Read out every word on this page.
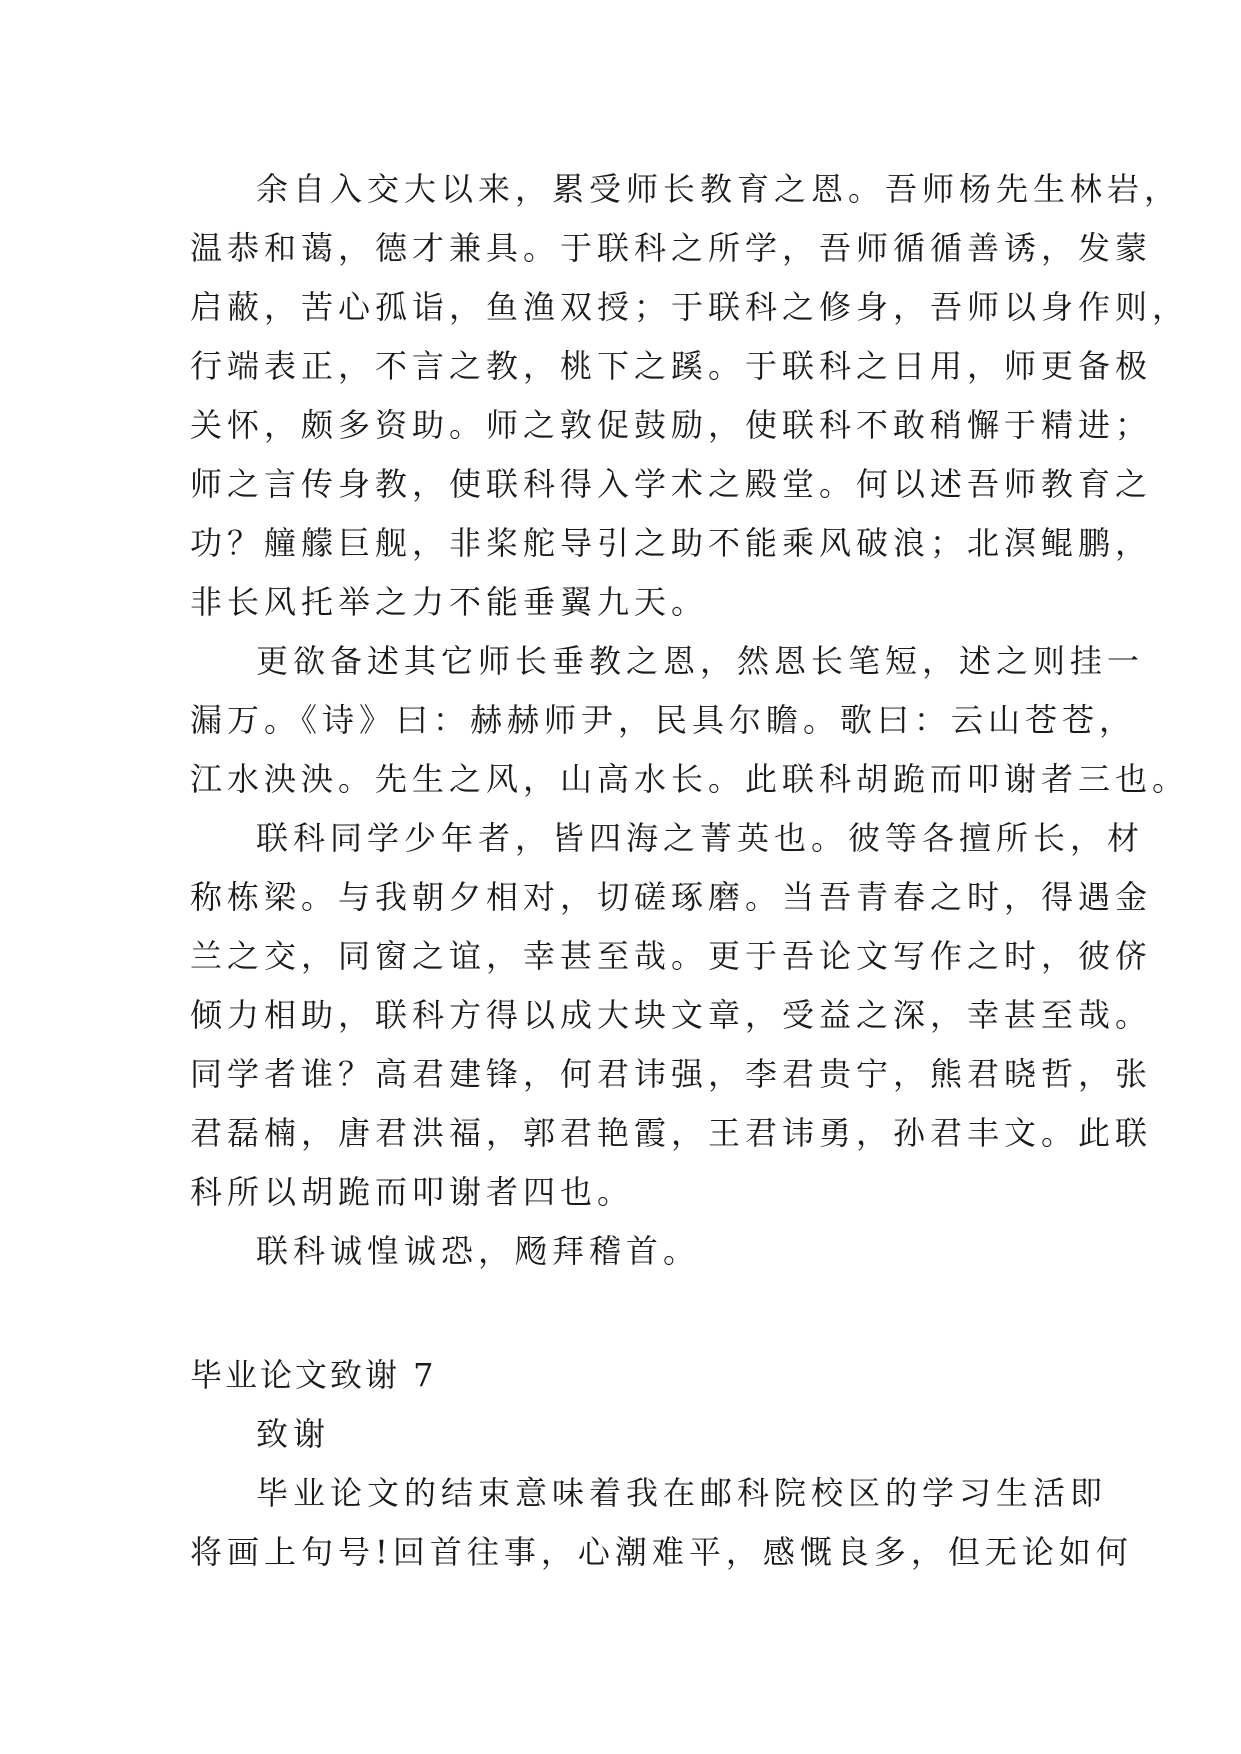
余自入交大以来，累受师长教育之恩。吾师杨先生林岩，
温恭和蔼，德才兼具。于联科之所学，吾师循循善诱，发蒙
启蔽，苦心孤诣，鱼渔双授；于联科之修身，吾师以身作则，
行端表正，不言之教，桃下之蹊。于联科之日用，师更备极
关怀，颇多资助。师之敦促鼓励，使联科不敢稍懈于精进；
师之言传身教，使联科得入学术之殿堂。何以述吾师教育之
功？艟艨巨舰，非桨舵导引之助不能乘风破浪；北溟鲲鹏，
非长风托举之力不能垂翼九天。
更欲备述其它师长垂教之恩，然恩长笔短，述之则挂一
漏万。《诗》曰：赫赫师尹，民具尔瞻。歌曰：云山苍苍，
江水泱泱。先生之风，山高水长。此联科胡跪而叩谢者三也。
联科同学少年者，皆四海之菁英也。彼等各擅所长，材
称栋梁。与我朝夕相对，切磋琢磨。当吾青春之时，得遇金
兰之交，同窗之谊，幸甚至哉。更于吾论文写作之时，彼侪
倾力相助，联科方得以成大块文章，受益之深，幸甚至哉。
同学者谁？高君建锋，何君讳强，李君贵宁，熊君晓哲，张
君磊楠，唐君洪福，郭君艳霞，王君讳勇，孙君丰文。此联
科所以胡跪而叩谢者四也。
联科诚惶诚恐，飏拜稽首。
毕业论文致谢 7
致谢
毕业论文的结束意味着我在邮科院校区的学习生活即
将画上句号!回首往事，心潮难平，感慨良多，但无论如何
